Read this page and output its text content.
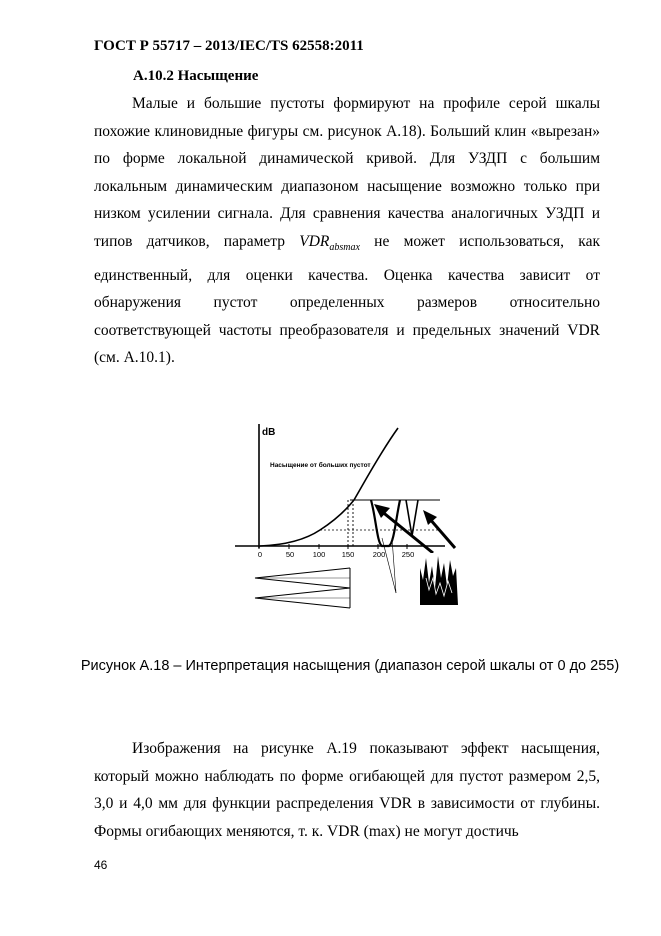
ГОСТ Р 55717 – 2013/IEC/TS 62558:2011
А.10.2 Насыщение
Малые и большие пустоты формируют на профиле серой шкалы похожие клиновидные фигуры см. рисунок А.18). Больший клин «вырезан» по форме локальной динамической кривой. Для УЗДП с большим локальным динамическим диапазоном насыщение возможно только при низком усилении сигнала. Для сравнения качества аналогичных УЗДП и типов датчиков, параметр $VDR_{absmax}$ не может использоваться, как единственный, для оценки качества. Оценка качества зависит от обнаружения пустот определенных размеров относительно соответствующей частоты преобразователя и предельных значений VDR (см. А.10.1).
dB
0	50 100 150 200 250
Насыщение от больших пустот
Рисунок А.18 – Интерпретация насыщения (диапазон серой шкалы от 0 до 255)
Изображения на рисунке А.19 показывают эффект насыщения, который можно наблюдать по форме огибающей для пустот размером 2,5, 3,0 и 4,0 мм для функции распределения VDR в зависимости от глубины. Формы огибающих меняются, т. к. VDR (max) не могут достичь
46
